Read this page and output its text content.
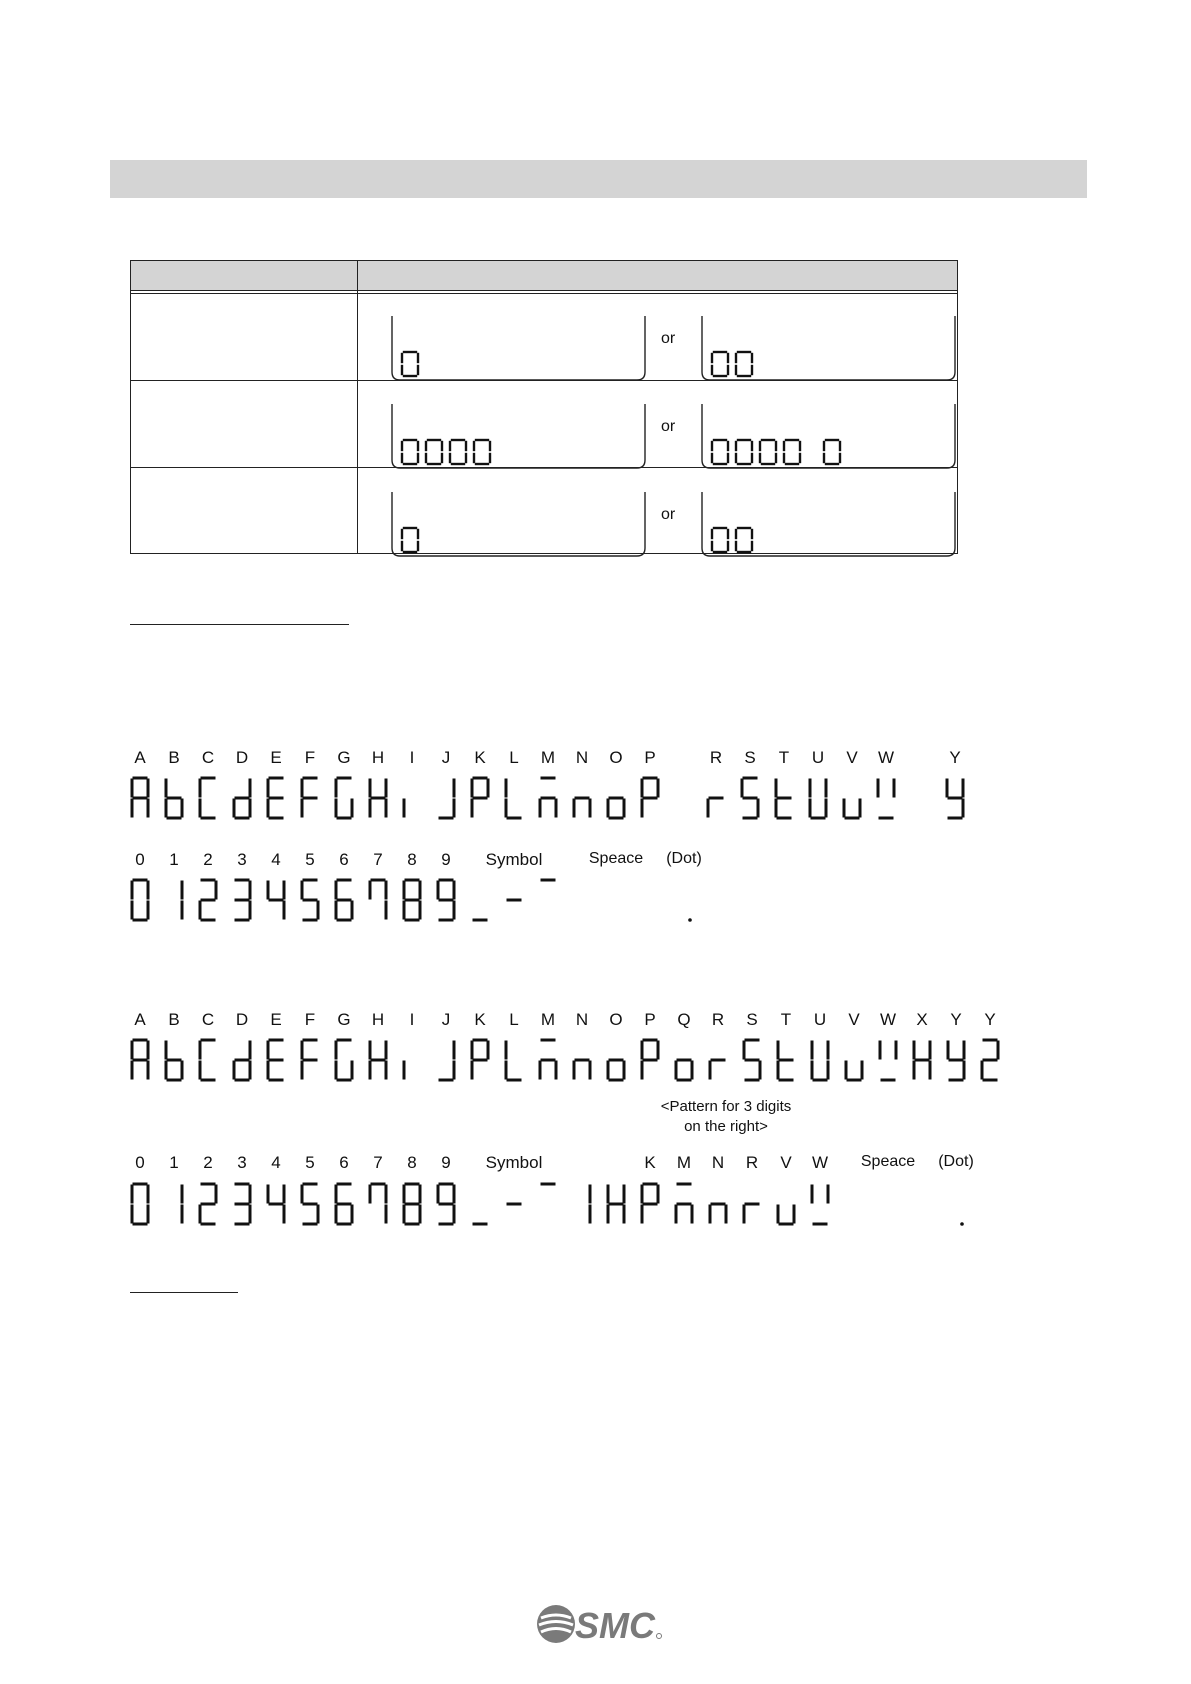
or
or
or
A B C D E F G H I J K L M N O P	R S T U V W	Y
0 1 2 3 4 5 6 7 8 9 Symbol	Speace (Dot)
A B C D E F G H I J K L M N O P Q R S T U V W X Y Y
<Pattern for 3 digits
on the right>
0 1 2 3 4 5 6 7 8 9 Symbol	K M N R V W Speace (Dot)
SMC
